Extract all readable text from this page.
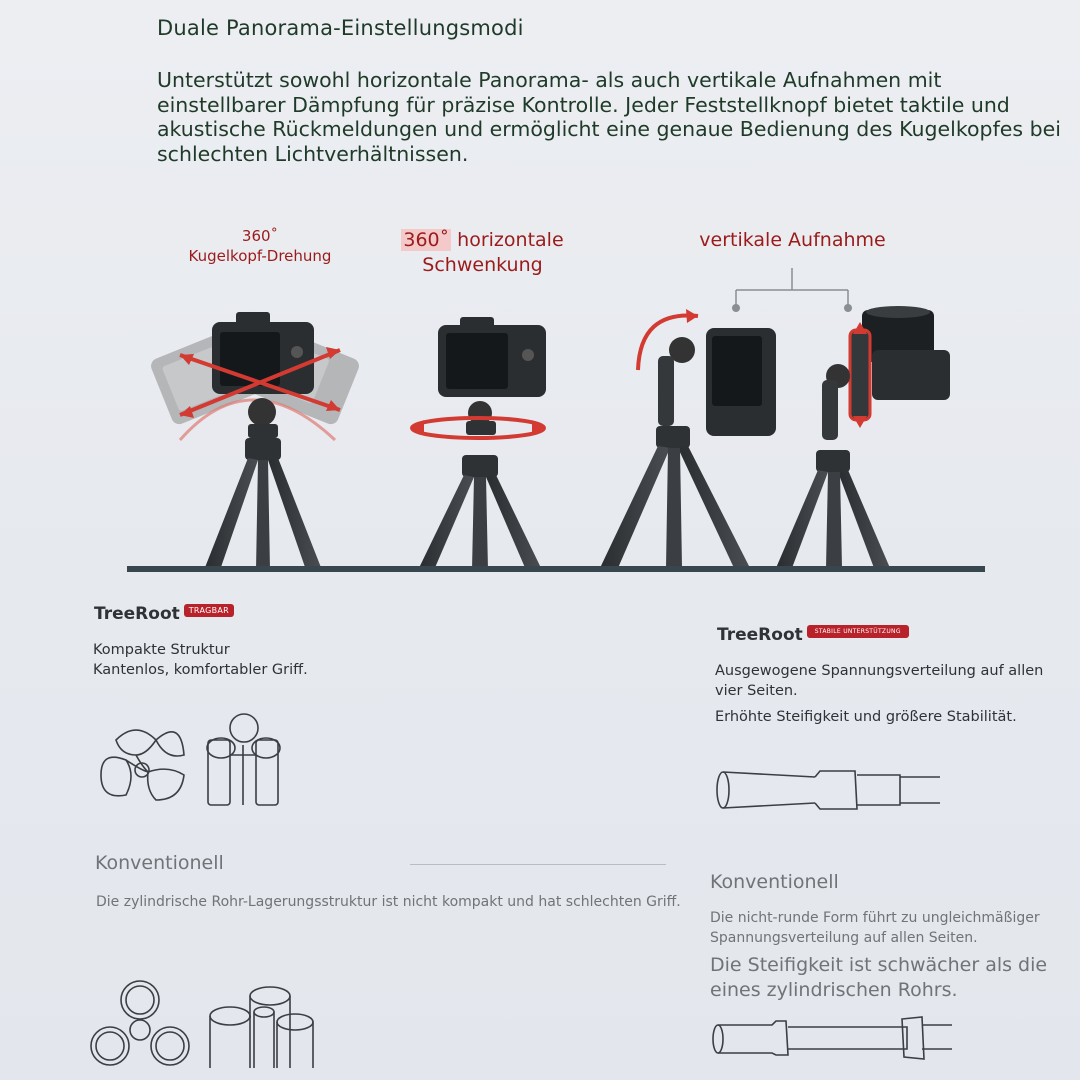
Duale Panorama-Einstellungsmodi
Unterstützt sowohl horizontale Panorama- als auch vertikale Aufnahmen mit einstellbarer Dämpfung für präzise Kontrolle. Jeder Feststellknopf bietet taktile und akustische Rückmeldungen und ermöglicht eine genaue Bedienung des Kugelkopfes bei schlechten Lichtverhältnissen.
360˚
Kugelkopf-Drehung
360˚ horizontale
Schwenkung
vertikale Aufnahme
TreeRoot TRAGBAR
Kompakte Struktur
Kantenlos, komfortabler Griff.
TreeRoot STABILE UNTERSTÜTZUNG
Ausgewogene Spannungsverteilung auf allen vier Seiten.
Erhöhte Steifigkeit und größere Stabilität.
Konventionell
Die zylindrische Rohr-Lagerungsstruktur ist nicht kompakt und hat schlechten Griff.
Konventionell
Die nicht-runde Form führt zu ungleichmäßiger Spannungsverteilung auf allen Seiten.
Die Steifigkeit ist schwächer als die eines zylindrischen Rohrs.
